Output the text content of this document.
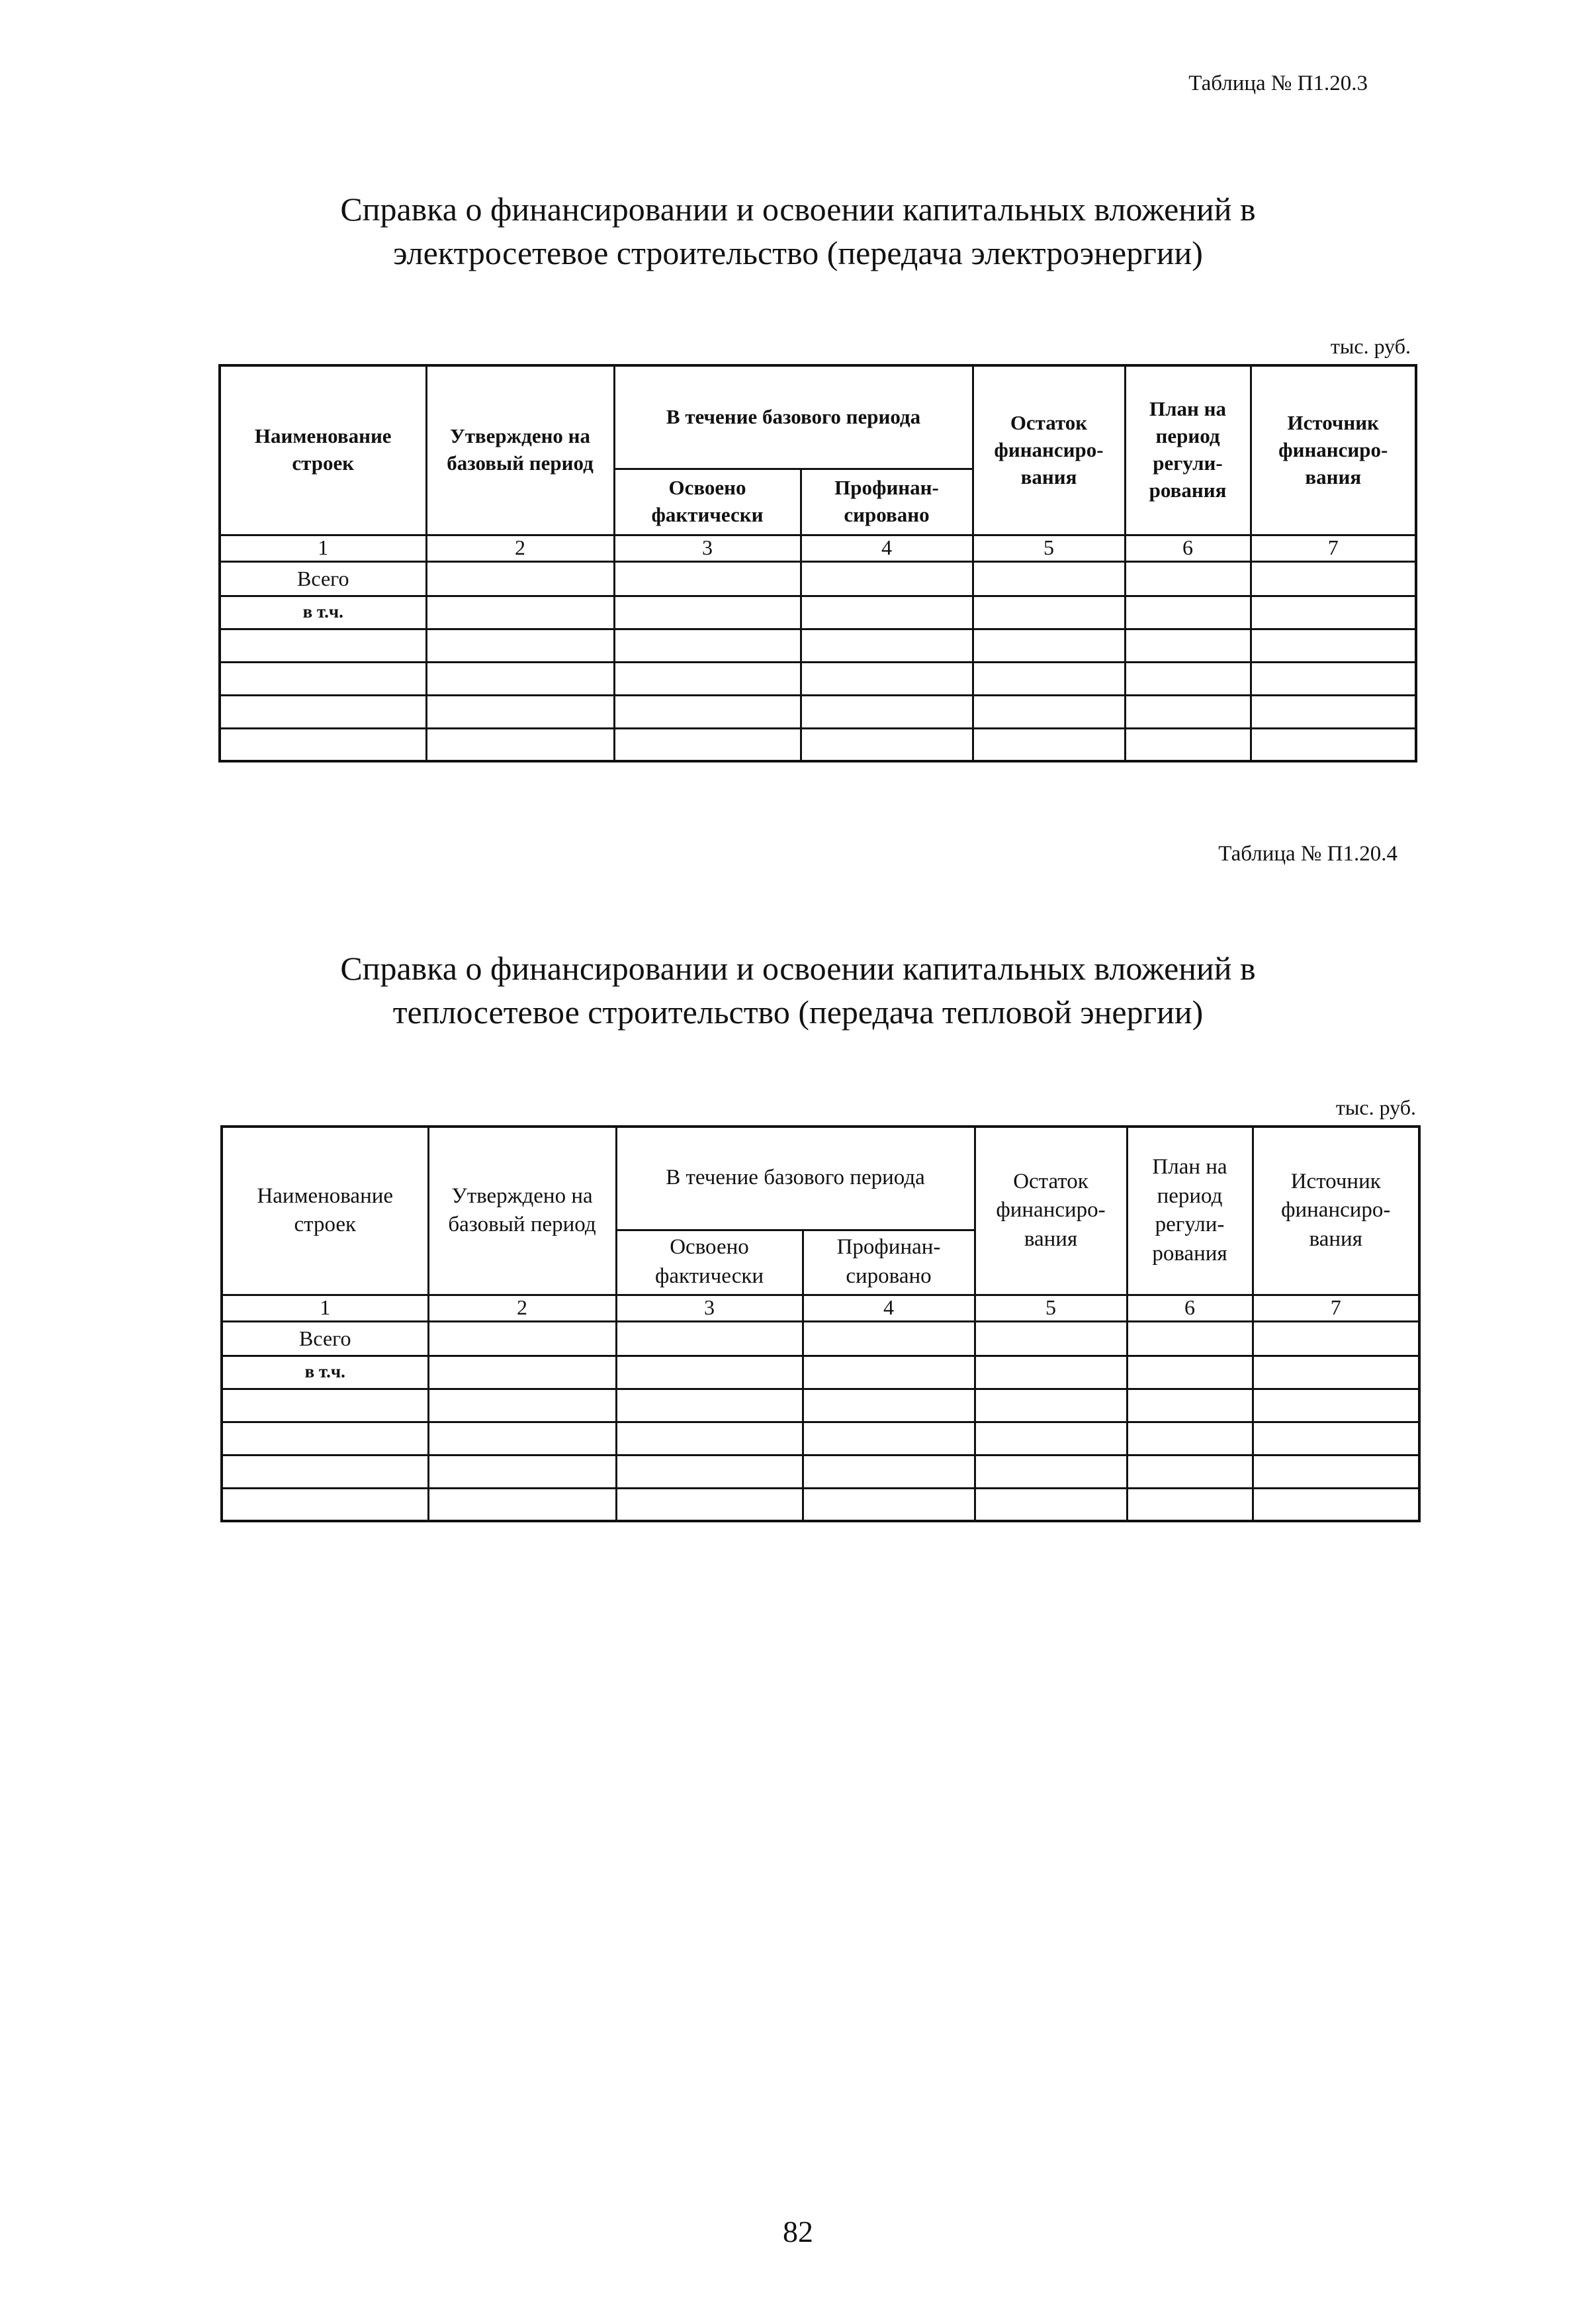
Таблица № П1.20.3
Справка о финансировании и освоении капитальных вложений в
электросетевое строительство (передача электроэнергии)
тыс. руб.
Наименование строек	Утверждено на базовый период	В течение базового периода		Остаток финансиро-вания	План на период регули-рования	Источник финансиро-вания
		Освоено фактически	Профинан-сировано			
1	2	3	4	5	6	7
Всего						
в т.ч.						

Таблица № П1.20.4
Справка о финансировании и освоении капитальных вложений в
теплосетевое строительство (передача тепловой энергии)
тыс. руб.
Наименование строек	Утверждено на базовый период	В течение базового периода		Остаток финансиро-вания	План на период регули-рования	Источник финансиро-вания
		Освоено фактически	Профинан-сировано			
1	2	3	4	5	6	7
Всего						
в т.ч.						

82
